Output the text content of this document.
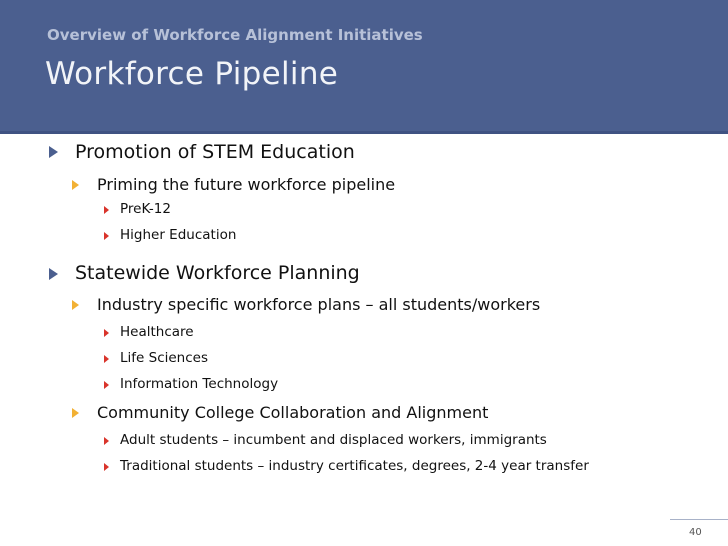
Overview of Workforce Alignment Initiatives
Workforce Pipeline
Promotion of STEM Education
Priming the future workforce pipeline
PreK-12
Higher Education
Statewide Workforce Planning
Industry specific workforce plans – all students/workers
Healthcare
Life Sciences
Information Technology
Community College Collaboration and Alignment
Adult students – incumbent and displaced workers, immigrants
Traditional students – industry certificates, degrees, 2-4 year transfer
40
